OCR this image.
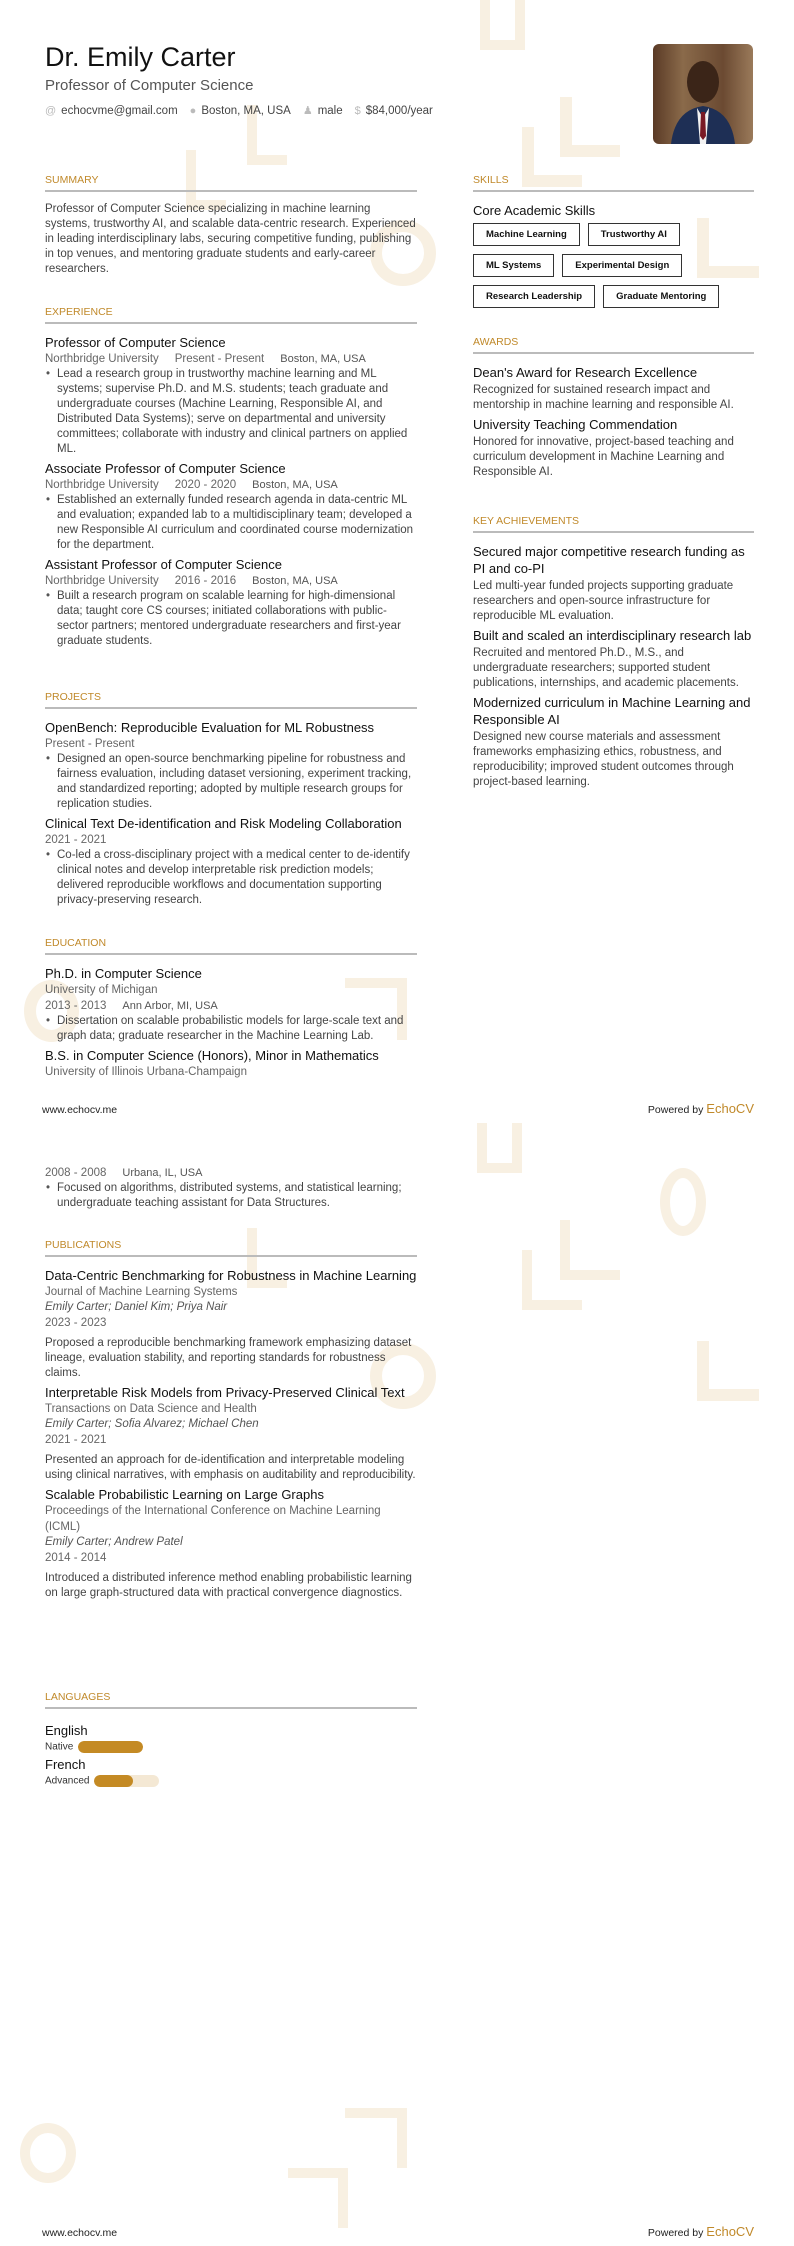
Dr. Emily Carter
Professor of Computer Science
@ echocvme@gmail.com ● Boston, MA, USA ♟ male $ $84,000/year
SUMMARY
Professor of Computer Science specializing in machine learning systems, trustworthy AI, and scalable data-centric research. Experienced in leading interdisciplinary labs, securing competitive funding, publishing in top venues, and mentoring graduate students and early-career researchers.
SKILLS
Core Academic Skills
Machine Learning	Trustworthy AI
ML Systems	Experimental Design
Research Leadership	Graduate Mentoring
EXPERIENCE
Professor of Computer Science
Northbridge University Present - Present Boston, MA, USA
• Lead a research group in trustworthy machine learning and ML systems; supervise Ph.D. and M.S. students; teach graduate and undergraduate courses (Machine Learning, Responsible AI, and Distributed Data Systems); serve on departmental and university committees; collaborate with industry and clinical partners on applied ML.
Associate Professor of Computer Science
Northbridge University 2020 - 2020 Boston, MA, USA
• Established an externally funded research agenda in data-centric ML and evaluation; expanded lab to a multidisciplinary team; developed a new Responsible AI curriculum and coordinated course modernization for the department.
Assistant Professor of Computer Science
Northbridge University 2016 - 2016 Boston, MA, USA
• Built a research program on scalable learning for high-dimensional data; taught core CS courses; initiated collaborations with public-sector partners; mentored undergraduate researchers and first-year graduate students.
AWARDS
Dean's Award for Research Excellence
Recognized for sustained research impact and mentorship in machine learning and responsible AI.
University Teaching Commendation
Honored for innovative, project-based teaching and curriculum development in Machine Learning and Responsible AI.
KEY ACHIEVEMENTS
Secured major competitive research funding as PI and co-PI
Led multi-year funded projects supporting graduate researchers and open-source infrastructure for reproducible ML evaluation.
Built and scaled an interdisciplinary research lab
Recruited and mentored Ph.D., M.S., and undergraduate researchers; supported student publications, internships, and academic placements.
Modernized curriculum in Machine Learning and Responsible AI
Designed new course materials and assessment frameworks emphasizing ethics, robustness, and reproducibility; improved student outcomes through project-based learning.
PROJECTS
OpenBench: Reproducible Evaluation for ML Robustness
Present - Present
• Designed an open-source benchmarking pipeline for robustness and fairness evaluation, including dataset versioning, experiment tracking, and standardized reporting; adopted by multiple research groups for replication studies.
Clinical Text De-identification and Risk Modeling Collaboration
2021 - 2021
• Co-led a cross-disciplinary project with a medical center to de-identify clinical notes and develop interpretable risk prediction models; delivered reproducible workflows and documentation supporting privacy-preserving research.
EDUCATION
Ph.D. in Computer Science
University of Michigan
2013 - 2013 Ann Arbor, MI, USA
• Dissertation on scalable probabilistic models for large-scale text and graph data; graduate researcher in the Machine Learning Lab.
B.S. in Computer Science (Honors), Minor in Mathematics
University of Illinois Urbana-Champaign
www.echocv.me	Powered by EchoCV
2008 - 2008 Urbana, IL, USA
• Focused on algorithms, distributed systems, and statistical learning; undergraduate teaching assistant for Data Structures.
PUBLICATIONS
Data-Centric Benchmarking for Robustness in Machine Learning
Journal of Machine Learning Systems
Emily Carter; Daniel Kim; Priya Nair
2023 - 2023
Proposed a reproducible benchmarking framework emphasizing dataset lineage, evaluation stability, and reporting standards for robustness claims.
Interpretable Risk Models from Privacy-Preserved Clinical Text
Transactions on Data Science and Health
Emily Carter; Sofia Alvarez; Michael Chen
2021 - 2021
Presented an approach for de-identification and interpretable modeling using clinical narratives, with emphasis on auditability and reproducibility.
Scalable Probabilistic Learning on Large Graphs
Proceedings of the International Conference on Machine Learning (ICML)
Emily Carter; Andrew Patel
2014 - 2014
Introduced a distributed inference method enabling probabilistic learning on large graph-structured data with practical convergence diagnostics.
LANGUAGES
English
Native
French
Advanced
www.echocv.me	Powered by EchoCV
